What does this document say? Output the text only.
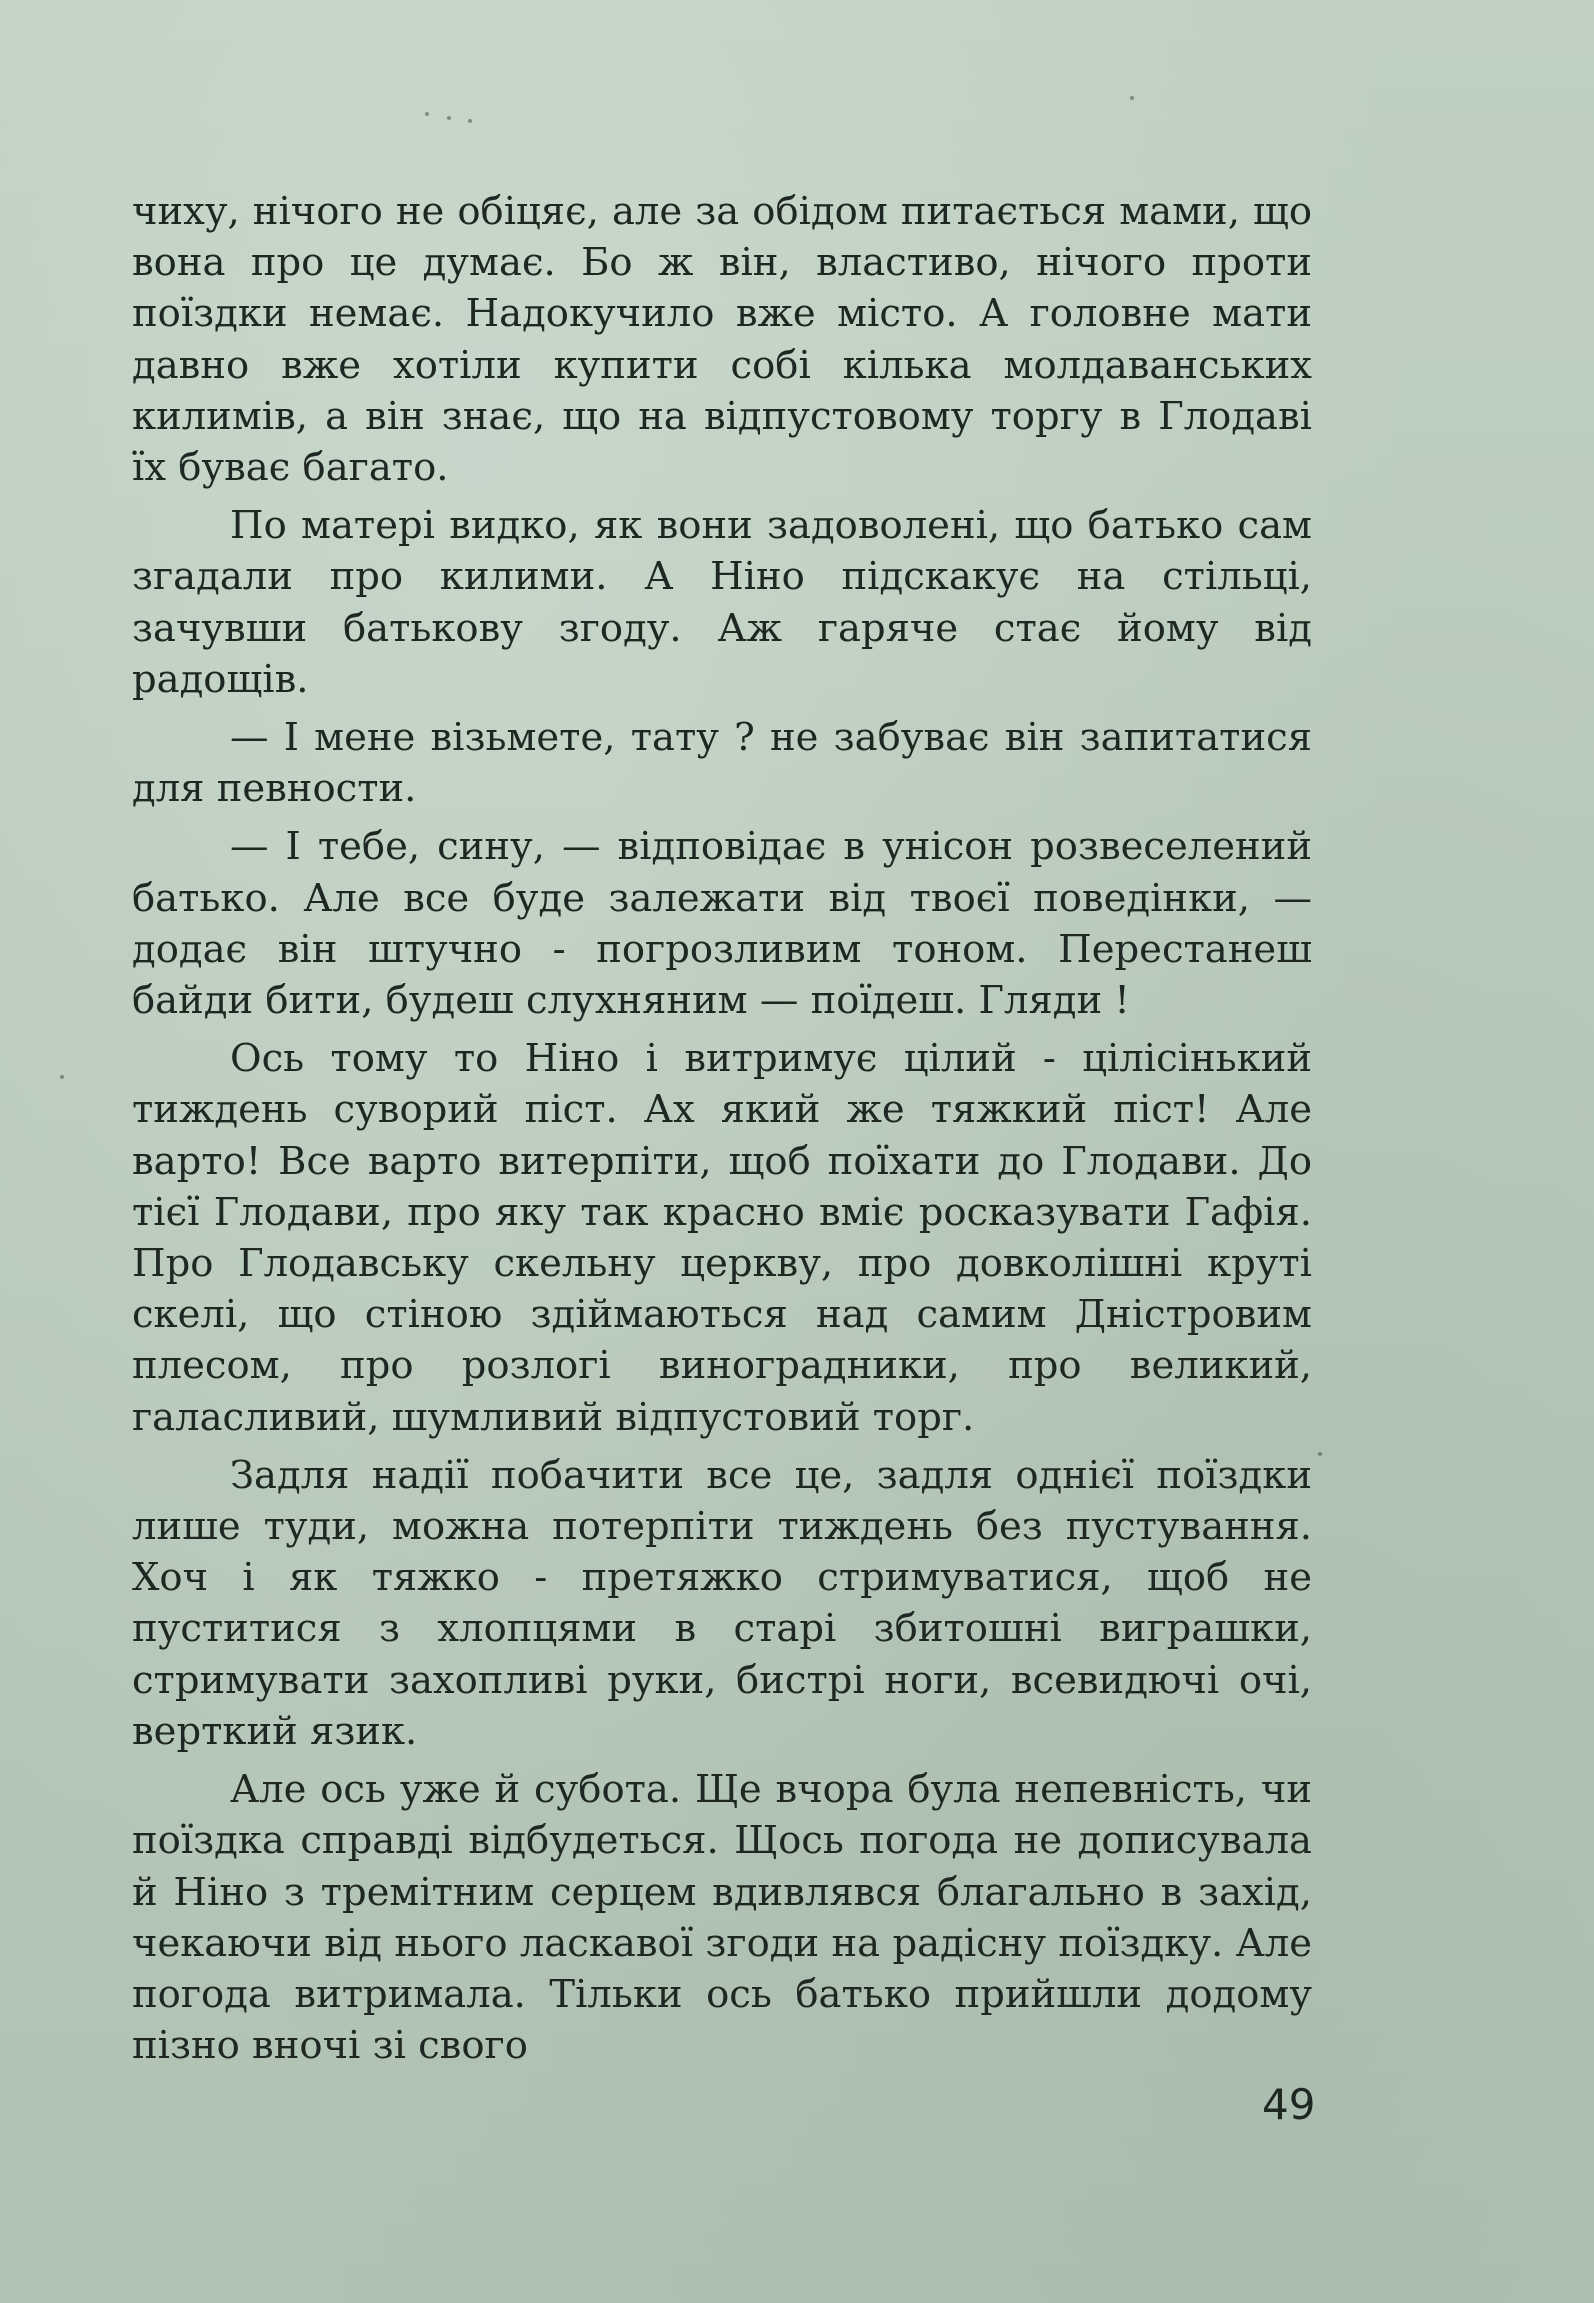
чиху, нічого не обіцяє, але за обідом питається мами, що вона про це думає. Бо ж він, властиво, нічого проти поїздки немає. Надокучило вже місто. А головне мати давно вже хотіли купити собі кілька молдаванських килимів, а він знає, що на відпустовому торгу в Глодаві їх буває багато.

По матері видко, як вони задоволені, що батько сам згадали про килими. А Ніно підскакує на стільці, зачувши батькову згоду. Аж гаряче стає йому від радощів.

— І мене візьмете, тату ? не забуває він запитатися для певности.

— І тебе, сину, — відповідає в унісон розвеселений батько. Але все буде залежати від твоєї поведінки, — додає він штучно - погрозливим тоном. Перестанеш байди бити, будеш слухняним — поїдеш. Гляди !

Ось тому то Ніно і витримує цілий - цілісінький тиждень суворий піст. Ах який же тяжкий піст! Але варто! Все варто витерпіти, щоб поїхати до Глодави. До тієї Глодави, про яку так красно вміє росказувати Гафія. Про Глодавську скельну церкву, про довколішні круті скелі, що стіною здіймаються над самим Дністровим плесом, про розлогі виноградники, про великий, галасливий, шумливий відпустовий торг.

Задля надії побачити все це, задля однієї поїздки лише туди, можна потерпіти тиждень без пустування. Хоч і як тяжко - претяжко стримуватися, щоб не пуститися з хлопцями в старі збитошні виграшки, стримувати захопливі руки, бистрі ноги, всевидючі очі, верткий язик.

Але ось уже й субота. Ще вчора була непевність, чи поїздка справді відбудеться. Щось погода не дописувала й Ніно з тремітним серцем вдивлявся благально в захід, чекаючи від нього ласкавої згоди на радісну поїздку. Але погода витримала. Тільки ось батько прийшли додому пізно вночі зі свого

49
